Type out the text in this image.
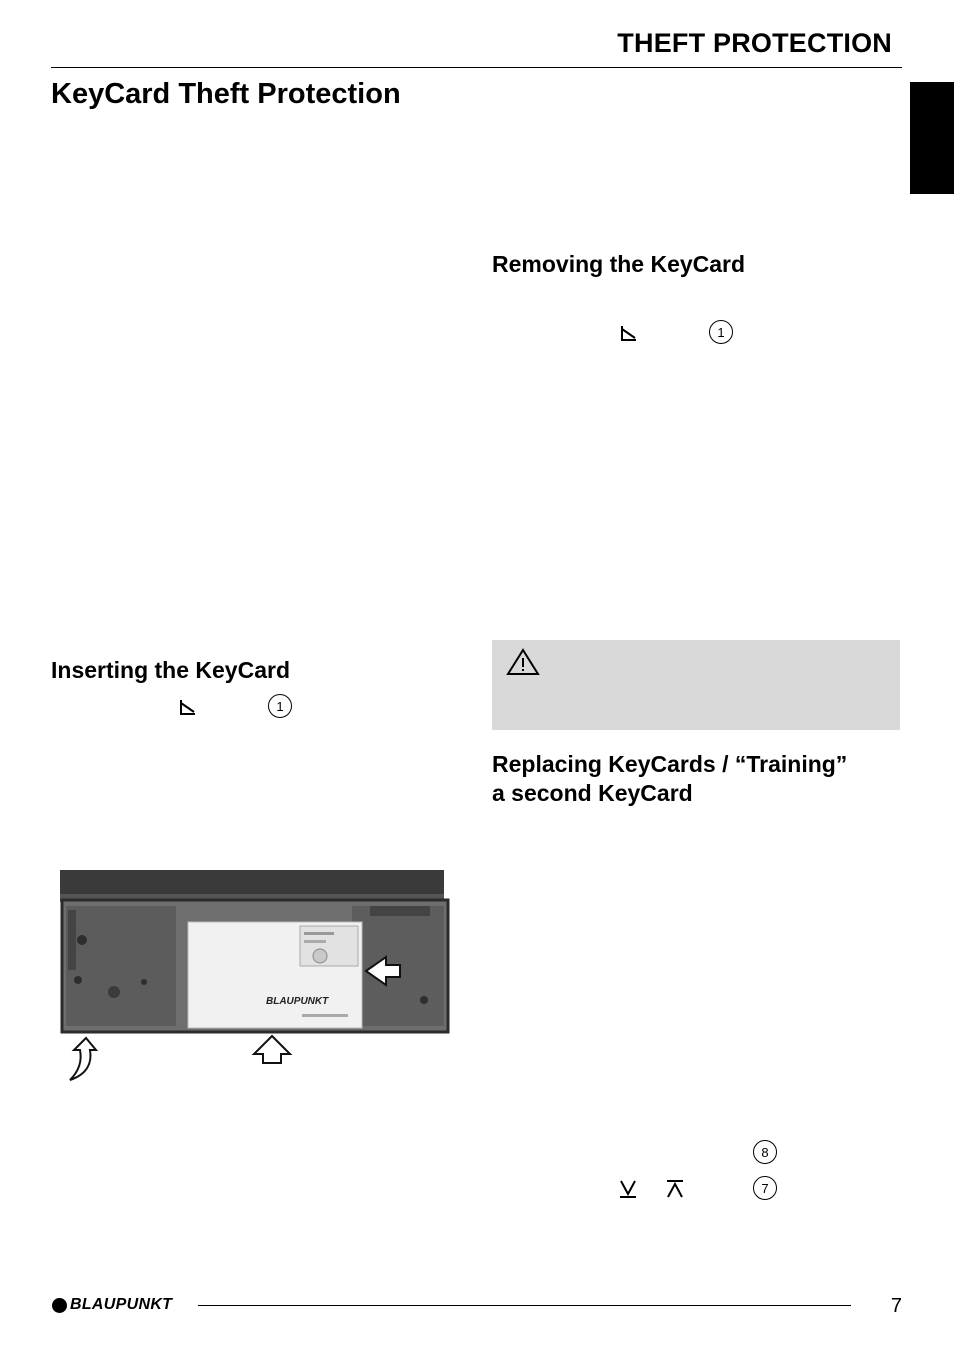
THEFT PROTECTION
KeyCard Theft Protection
Removing the KeyCard
1
Inserting the KeyCard
1
Replacing KeyCards / “Training”
a second KeyCard
8
7
BLAUPUNKT
BLAUPUNKT	7
